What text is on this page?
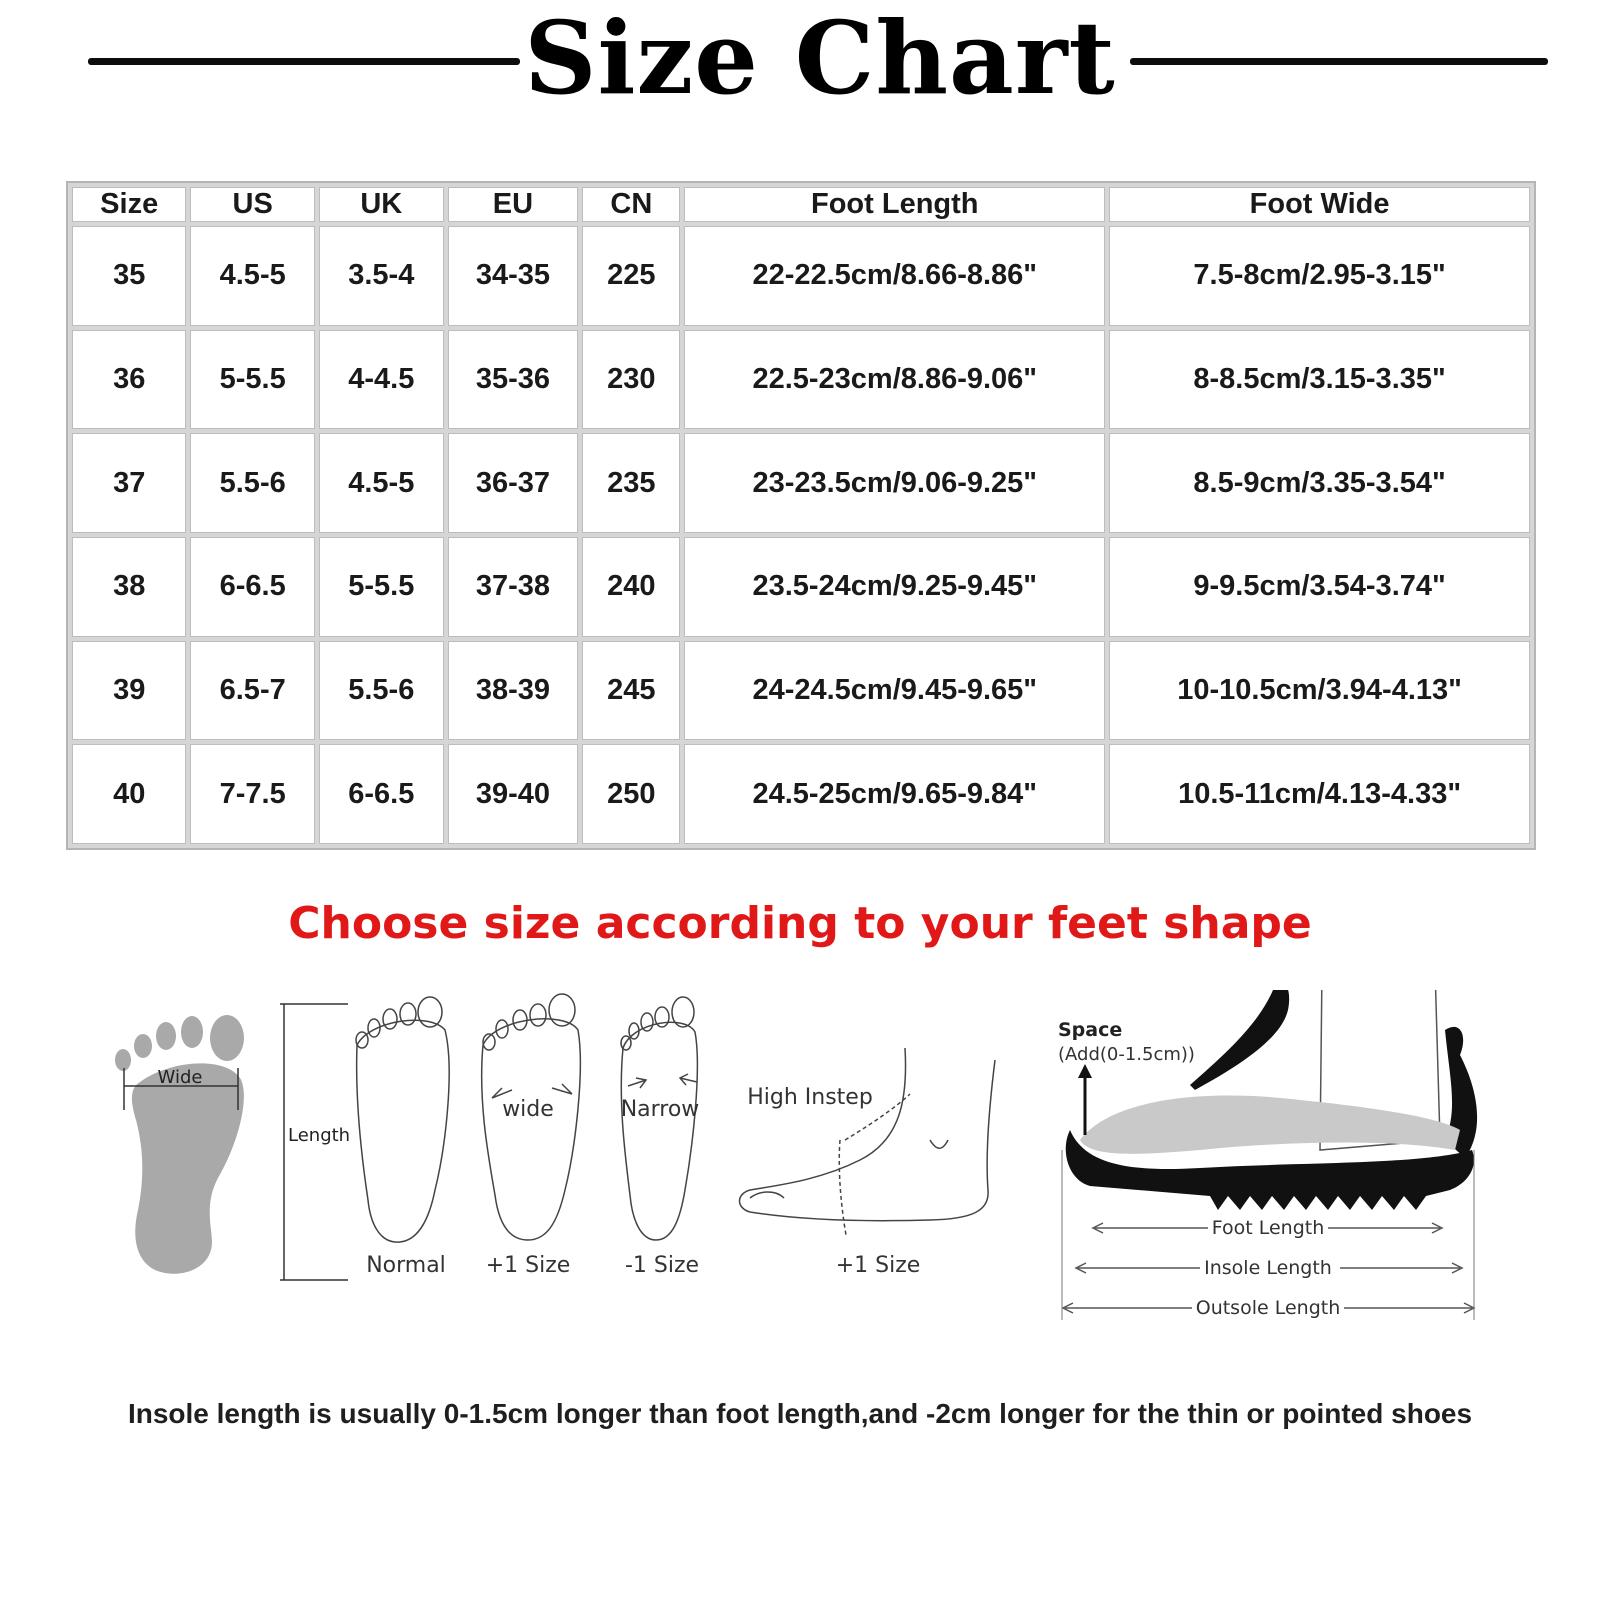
Size Chart
Size	US	UK	EU	CN	Foot Length	Foot Wide
35	4.5-5	3.5-4	34-35	225	22-22.5cm/8.66-8.86"	7.5-8cm/2.95-3.15"
36	5-5.5	4-4.5	35-36	230	22.5-23cm/8.86-9.06"	8-8.5cm/3.15-3.35"
37	5.5-6	4.5-5	36-37	235	23-23.5cm/9.06-9.25"	8.5-9cm/3.35-3.54"
38	6-6.5	5-5.5	37-38	240	23.5-24cm/9.25-9.45"	9-9.5cm/3.54-3.74"
39	6.5-7	5.5-6	38-39	245	24-24.5cm/9.45-9.65"	10-10.5cm/3.94-4.13"
40	7-7.5	6-6.5	39-40	250	24.5-25cm/9.65-9.84"	10.5-11cm/4.13-4.33"
Choose size according to your feet shape
Wide
Length
wide	Narrow High Instep
Normal +1 Size -1 Size	+1 Size
Space
(Add(0-1.5cm))
Foot Length
Insole Length
Outsole Length
Insole length is usually 0-1.5cm longer than foot length,and -2cm longer for the thin or pointed shoes
